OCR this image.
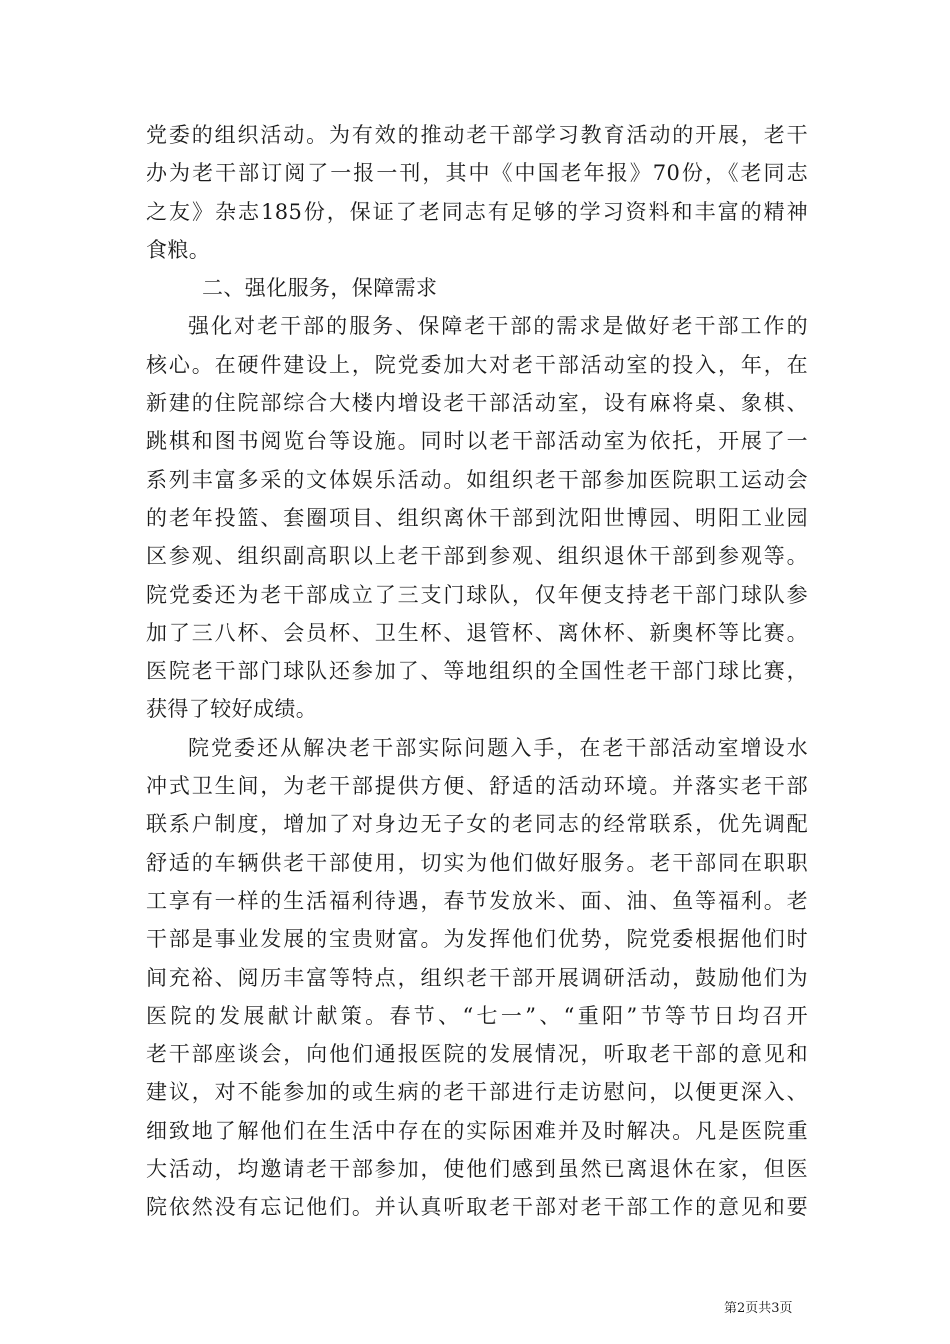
党委的组织活动。为有效的推动老干部学习教育活动的开展，老干
办为老干部订阅了一报一刊，其中《中国老年报》70份，《老同志
之友》杂志185份，保证了老同志有足够的学习资料和丰富的精神
食粮。
二、强化服务，保障需求
强化对老干部的服务、保障老干部的需求是做好老干部工作的
核心。在硬件建设上，院党委加大对老干部活动室的投入，年，在
新建的住院部综合大楼内增设老干部活动室，设有麻将桌、象棋、
跳棋和图书阅览台等设施。同时以老干部活动室为依托，开展了一
系列丰富多采的文体娱乐活动。如组织老干部参加医院职工运动会
的老年投篮、套圈项目、组织离休干部到沈阳世博园、明阳工业园
区参观、组织副高职以上老干部到参观、组织退休干部到参观等。
院党委还为老干部成立了三支门球队，仅年便支持老干部门球队参
加了三八杯、会员杯、卫生杯、退管杯、离休杯、新奥杯等比赛。
医院老干部门球队还参加了、等地组织的全国性老干部门球比赛，
获得了较好成绩。
院党委还从解决老干部实际问题入手，在老干部活动室增设水
冲式卫生间，为老干部提供方便、舒适的活动环境。并落实老干部
联系户制度，增加了对身边无子女的老同志的经常联系，优先调配
舒适的车辆供老干部使用，切实为他们做好服务。老干部同在职职
工享有一样的生活福利待遇，春节发放米、面、油、鱼等福利。老
干部是事业发展的宝贵财富。为发挥他们优势，院党委根据他们时
间充裕、阅历丰富等特点，组织老干部开展调研活动，鼓励他们为
医院的发展献计献策。春节、“七一”、“重阳”节等节日均召开
老干部座谈会，向他们通报医院的发展情况，听取老干部的意见和
建议，对不能参加的或生病的老干部进行走访慰问，以便更深入、
细致地了解他们在生活中存在的实际困难并及时解决。凡是医院重
大活动，均邀请老干部参加，使他们感到虽然已离退休在家，但医
院依然没有忘记他们。并认真听取老干部对老干部工作的意见和要
第2页共3页
